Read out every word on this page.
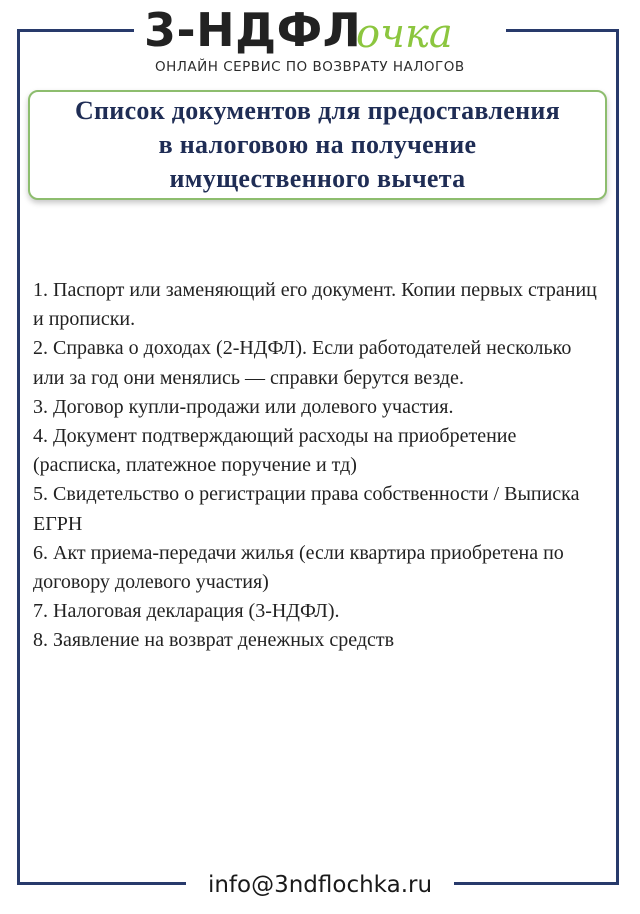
3-НДФЛ
очка
ОНЛАЙН СЕРВИС ПО ВОЗВРАТУ НАЛОГОВ
Список документов для предоставления
в налоговою на получение
имущественного вычета
1. Паспорт или заменяющий его документ. Копии первых страниц и прописки.
2. Справка о доходах (2-НДФЛ). Если работодателей несколько или за год они менялись — справки берутся везде.
3. Договор купли-продажи или долевого участия.
4. Документ подтверждающий расходы на приобретение (расписка, платежное поручение и тд)
5. Свидетельство о регистрации права собственности / Выписка ЕГРН
6. Акт приема-передачи жилья (если квартира приобретена по договору долевого участия)
7. Налоговая декларация (3-НДФЛ).
8. Заявление на возврат денежных средств
info@3ndflochka.ru
